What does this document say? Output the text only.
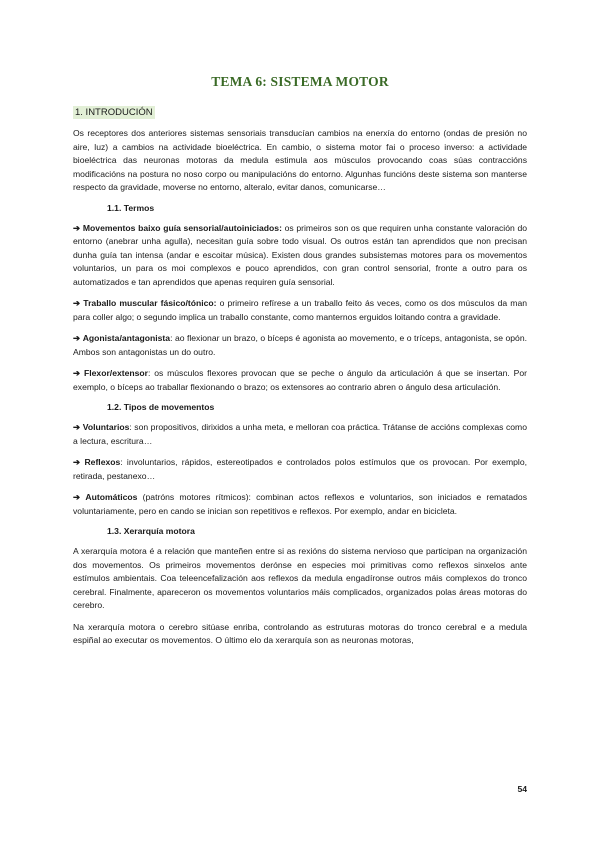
TEMA 6: SISTEMA MOTOR
1. INTRODUCIÓN

Os receptores dos anteriores sistemas sensoriais transducían cambios na enerxía do entorno (ondas de presión no aire, luz) a cambios na actividade bioeléctrica. En cambio, o sistema motor fai o proceso inverso: a actividade bioeléctrica das neuronas motoras da medula estimula aos músculos provocando coas súas contraccións modificacións na postura no noso corpo ou manipulacións do entorno. Algunhas funcións deste sistema son manterse respecto da gravidade, moverse no entorno, alteralo, evitar danos, comunicarse…

1.1. Termos

➔ Movementos baixo guía sensorial/autoiniciados: os primeiros son os que requiren unha constante valoración do entorno (anebrar unha agulla), necesitan guía sobre todo visual. Os outros están tan aprendidos que non precisan dunha guía tan intensa (andar e escoitar música). Existen dous grandes subsistemas motores para os movementos voluntarios, un para os moi complexos e pouco aprendidos, con gran control sensorial, fronte a outro para os automatizados e tan aprendidos que apenas requiren guía sensorial.

➔ Traballo muscular fásico/tónico: o primeiro refírese a un traballo feito ás veces, como os dos músculos da man para coller algo; o segundo implica un traballo constante, como manternos erguidos loitando contra a gravidade.

➔ Agonista/antagonista: ao flexionar un brazo, o bíceps é agonista ao movemento, e o tríceps, antagonista, se opón. Ambos son antagonistas un do outro.

➔ Flexor/extensor: os músculos flexores provocan que se peche o ángulo da articulación á que se insertan. Por exemplo, o bíceps ao traballar flexionando o brazo; os extensores ao contrario abren o ángulo desa articulación.

1.2. Tipos de movementos

➔ Voluntarios: son propositivos, dirixidos a unha meta, e melloran coa práctica. Trátanse de accións complexas como a lectura, escritura…

➔ Reflexos: involuntarios, rápidos, estereotipados e controlados polos estímulos que os provocan. Por exemplo, retirada, pestanexo…

➔ Automáticos (patróns motores rítmicos): combinan actos reflexos e voluntarios, son iniciados e rematados voluntariamente, pero en cando se inician son repetitivos e reflexos. Por exemplo, andar en bicicleta.

1.3. Xerarquía motora

A xerarquía motora é a relación que manteñen entre si as rexións do sistema nervioso que participan na organización dos movementos. Os primeiros movementos derónse en especies moi primitivas como reflexos sinxelos ante estímulos ambientais. Coa teleencefalización aos reflexos da medula engadíronse outros máis complexos do tronco cerebral. Finalmente, apareceron os movementos voluntarios máis complicados, organizados polas áreas motoras do cerebro.

Na xerarquía motora o cerebro sitúase enriba, controlando as estruturas motoras do tronco cerebral e a medula espiñal ao executar os movementos. O último elo da xerarquía son as neuronas motoras,

54
